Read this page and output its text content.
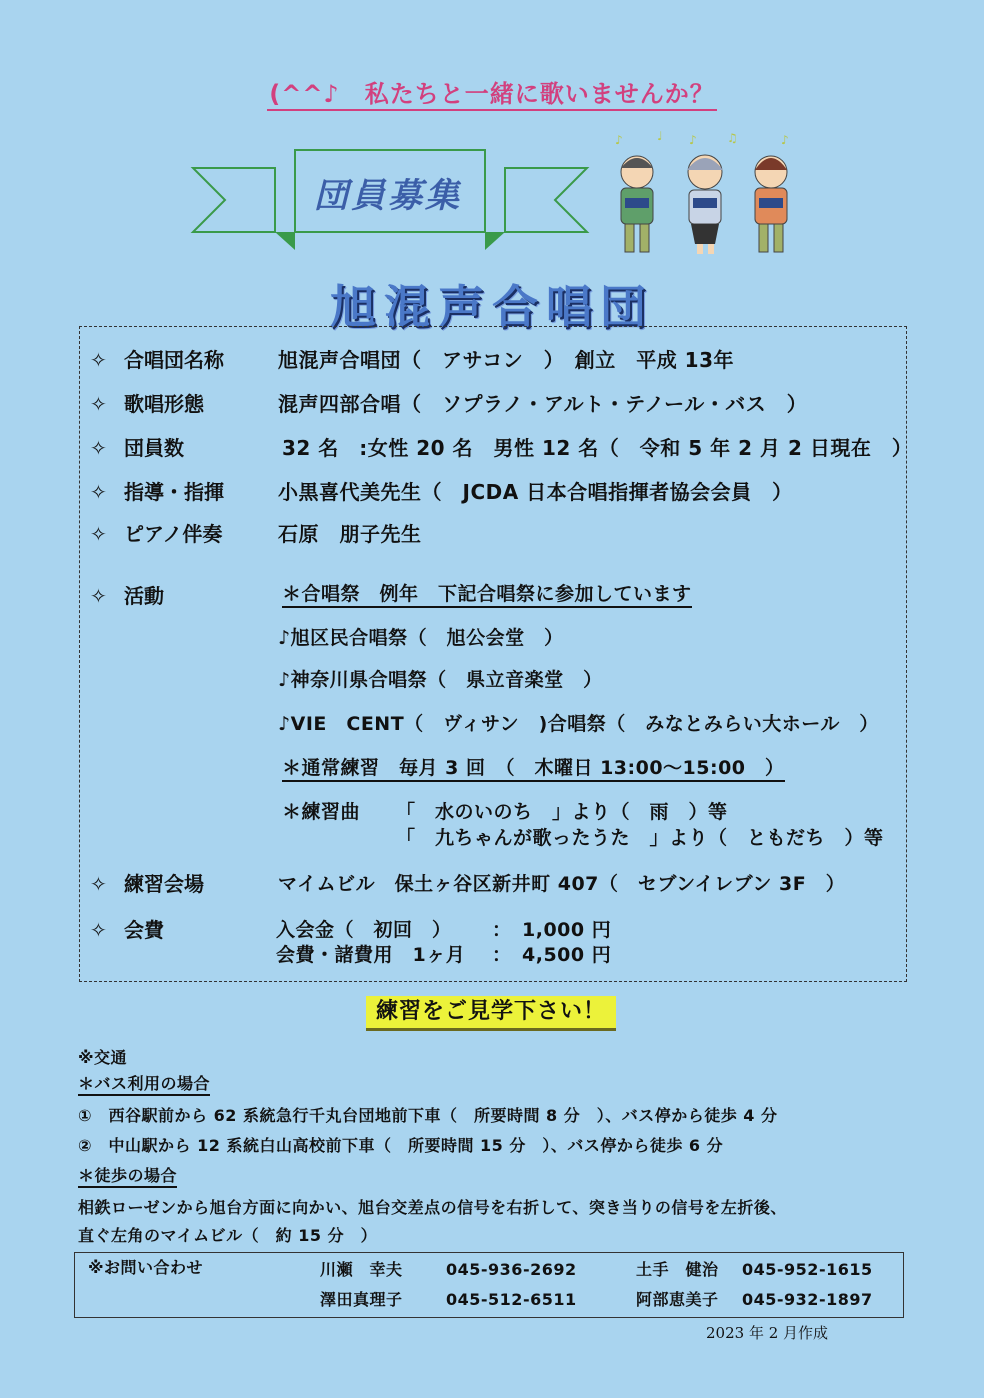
(^^♪　私たちと一緒に歌いませんか？
団員募集
♪	♩ ♪	♫	♪
旭混声合唱団
✧ 合唱団名称	旭混声合唱団（　アサコン　）　創立　平成 13年
✧ 歌唱形態	混声四部合唱（　ソプラノ・アルト・テノール・バス　）
✧ 団員数	32 名　:女性 20 名　男性 12 名（　令和 5 年 2 月 2 日現在　）
✧ 指導・指揮	小黒喜代美先生（　JCDA 日本合唱指揮者協会会員　）
✧ ピアノ伴奏	石原　朋子先生
✧ 活動	＊合唱祭　例年　下記合唱祭に参加しています
♪旭区民合唱祭（　旭公会堂　）
♪神奈川県合唱祭（　県立音楽堂　）
♪VIE　CENT（　ヴィサン　)合唱祭（　みなとみらい大ホール　）
＊通常練習　毎月 3 回　（　木曜日 13:00～15:00　）
＊練習曲 「　水のいのち　」より（　雨　）等
「　九ちゃんが歌ったうた　」より（　ともだち　）等
✧ 練習会場	マイムビル　保土ヶ谷区新井町 407（　セブンイレブン 3F　）
✧ 会費	入会金（　初回　） ： 1,000 円
会費・諸費用　1ヶ月 ： 4,500 円
練習をご見学下さい！
※交通
＊バス利用の場合
①　西谷駅前から 62 系統急行千丸台団地前下車（　所要時間 8 分　）、バス停から徒歩 4 分
②　中山駅から 12 系統白山高校前下車（　所要時間 15 分　）、バス停から徒歩 6 分
＊徒歩の場合
相鉄ローゼンから旭台方面に向かい、旭台交差点の信号を右折して、突き当りの信号を左折後、
直ぐ左角のマイムビル（　約 15 分　）
※お問い合わせ	川瀬　幸夫	045-936-2692	土手　健治 045-952-1615
澤田真理子	045-512-6511	阿部恵美子 045-932-1897
2023 年 2 月作成
